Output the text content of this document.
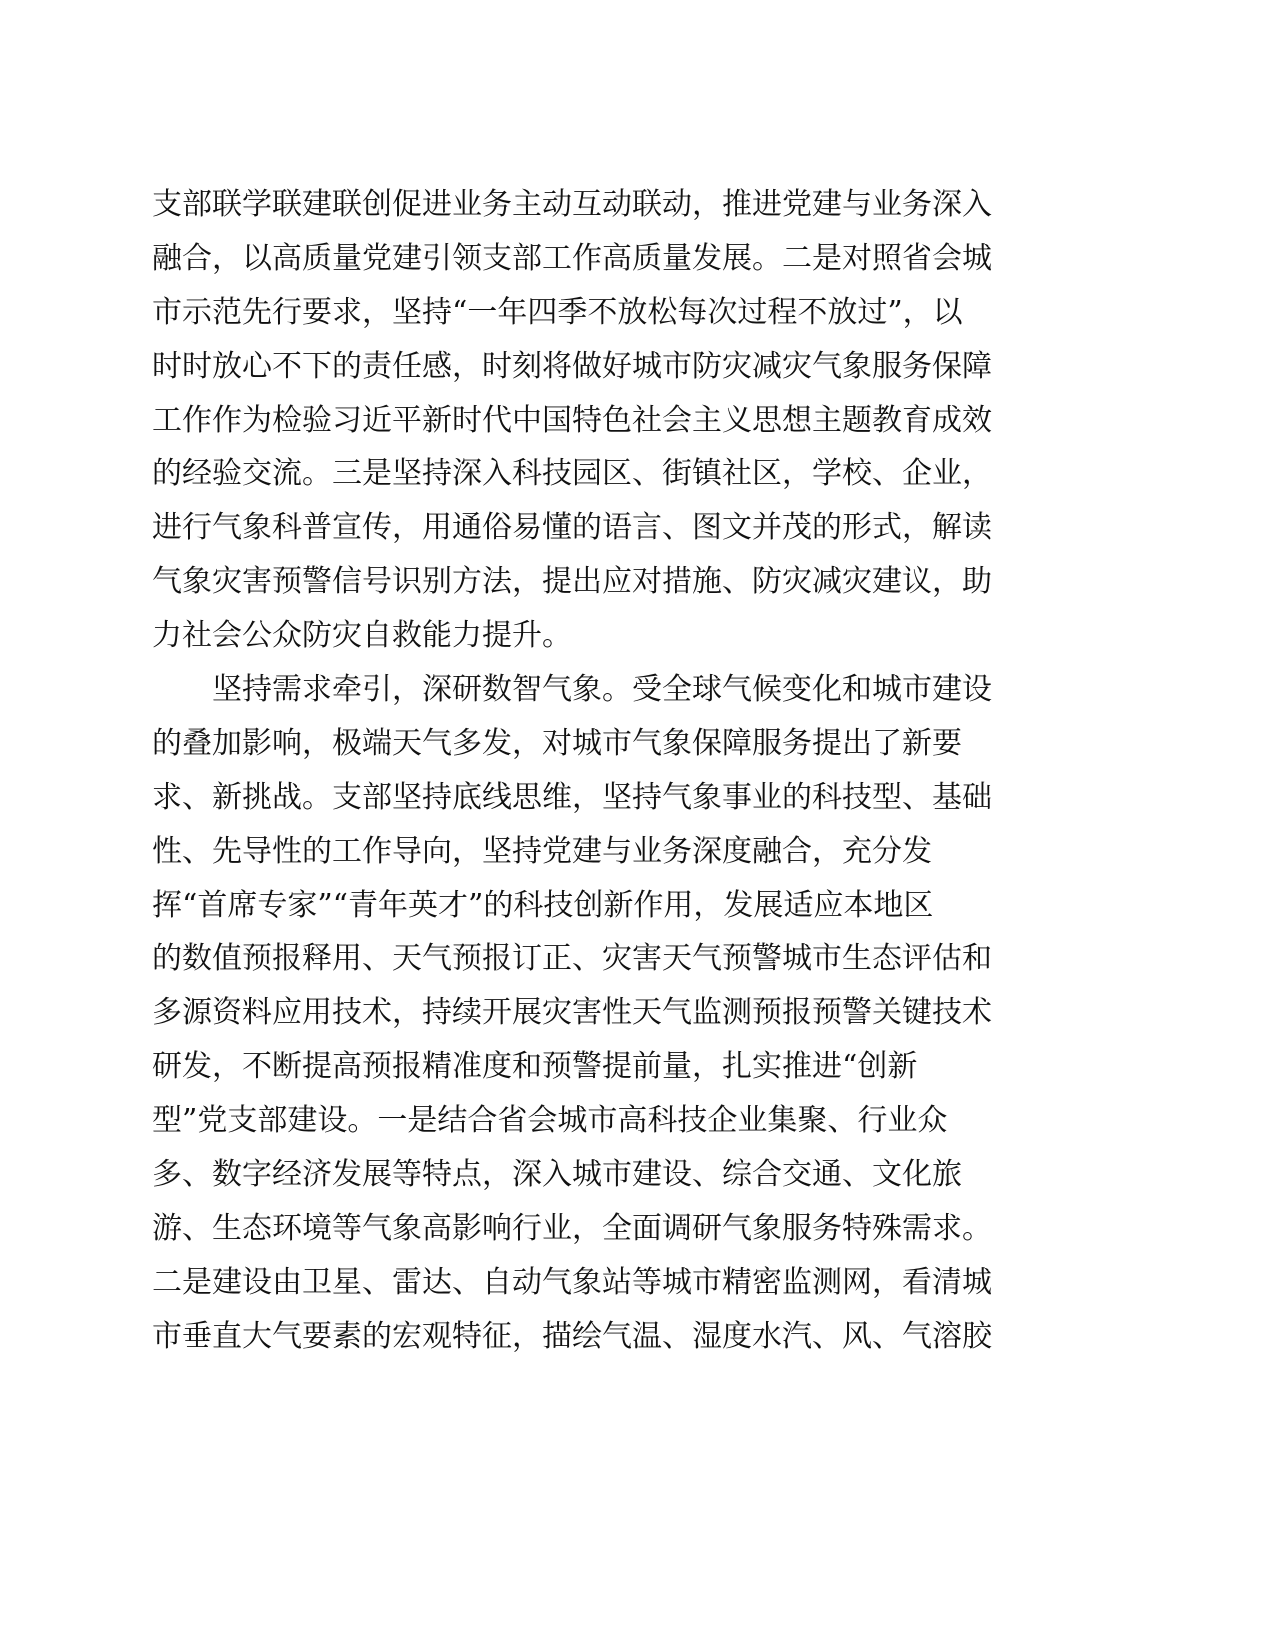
支部联学联建联创促进业务主动互动联动，推进党建与业务深入
融合，以高质量党建引领支部工作高质量发展。二是对照省会城
市示范先行要求，坚持“一年四季不放松每次过程不放过”，以
时时放心不下的责任感，时刻将做好城市防灾减灾气象服务保障
工作作为检验习近平新时代中国特色社会主义思想主题教育成效
的经验交流。三是坚持深入科技园区、街镇社区，学校、企业，
进行气象科普宣传，用通俗易懂的语言、图文并茂的形式，解读
气象灾害预警信号识别方法，提出应对措施、防灾减灾建议，助
力社会公众防灾自救能力提升。
坚持需求牵引，深研数智气象。受全球气候变化和城市建设
的叠加影响，极端天气多发，对城市气象保障服务提出了新要
求、新挑战。支部坚持底线思维，坚持气象事业的科技型、基础
性、先导性的工作导向，坚持党建与业务深度融合，充分发
挥“首席专家”“青年英才”的科技创新作用，发展适应本地区
的数值预报释用、天气预报订正、灾害天气预警城市生态评估和
多源资料应用技术，持续开展灾害性天气监测预报预警关键技术
研发，不断提高预报精准度和预警提前量，扎实推进“创新
型”党支部建设。一是结合省会城市高科技企业集聚、行业众
多、数字经济发展等特点，深入城市建设、综合交通、文化旅
游、生态环境等气象高影响行业，全面调研气象服务特殊需求。
二是建设由卫星、雷达、自动气象站等城市精密监测网，看清城
市垂直大气要素的宏观特征，描绘气温、湿度水汽、风、气溶胶
